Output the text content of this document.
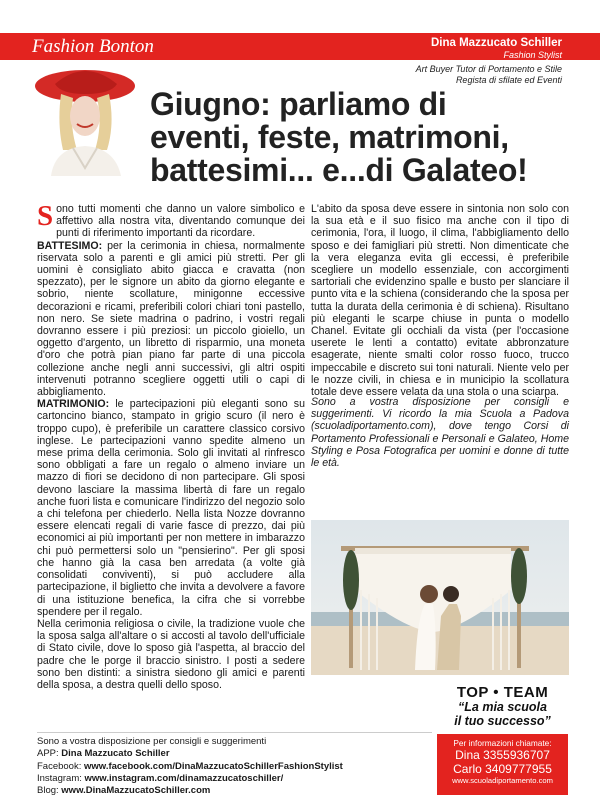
Fashion Bonton	Dina Mazzucato Schiller
Fashion Stylist
Art Buyer Tutor di Portamento e Stile
Regista di sfilate ed Eventi
Giugno: parliamo di
eventi, feste, matrimoni,
battesimi... e...di Galateo!

Sono tutti momenti che danno un valore simbolico e affettivo alla nostra vita, diventando comunque dei punti di riferimento importanti da ricordare.

BATTESIMO: per la cerimonia in chiesa, normalmente riservata solo a parenti e gli amici più stretti. Per gli uomini è consigliato abito giacca e cravatta (non spezzato), per le signore un abito da giorno elegante e sobrio, niente scollature, minigonne eccessive decorazioni e ricami, preferibili colori chiari toni pastello, non nero. Se siete madrina o padrino, i vostri regali dovranno essere i più preziosi: un piccolo gioiello, un oggetto d'argento, un libretto di risparmio, una moneta d'oro che potrà pian piano far parte di una piccola collezione anche negli anni successivi, gli altri ospiti intervenuti potranno scegliere oggetti utili o capi di abbigliamento.

MATRIMONIO: le partecipazioni più eleganti sono su cartoncino bianco, stampato in grigio scuro (il nero è troppo cupo), è preferibile un carattere classico corsivo inglese. Le partecipazioni vanno spedite almeno un mese prima della cerimonia. Solo gli invitati al rinfresco sono obbligati a fare un regalo o almeno inviare un mazzo di fiori se decidono di non partecipare. Gli sposi devono lasciare la massima libertà di fare un regalo anche fuori lista e comunicare l'indirizzo del negozio solo a chi telefona per chiederlo. Nella lista Nozze dovranno essere elencati regali di varie fasce di prezzo, dai più economici ai più importanti per non mettere in imbarazzo chi può permettersi solo un "pensierino". Per gli sposi che hanno già la casa ben arredata (a volte già consolidati conviventi), si può accludere alla partecipazione, il biglietto che invita a devolvere a favore di una istituzione benefica, la cifra che si vorrebbe spendere per il regalo.

Nella cerimonia religiosa o civile, la tradizione vuole che la sposa salga all'altare o si accosti al tavolo dell'ufficiale di Stato civile, dove lo sposo già l'aspetta, al braccio del padre che le porge il braccio sinistro. I posti a sedere sono ben distinti: a sinistra siedono gli amici e parenti della sposa, a destra quelli dello sposo.

L'abito da sposa deve essere in sintonia non solo con la sua età e il suo fisico ma anche con il tipo di cerimonia, l'ora, il luogo, il clima, l'abbigliamento dello sposo e dei famigliari più stretti. Non dimenticate che la vera eleganza evita gli eccessi, è preferibile scegliere un modello essenziale, con accorgimenti sartoriali che evidenzino spalle e busto per slanciare il punto vita e la schiena (considerando che la sposa per tutta la durata della cerimonia è di schiena). Risultano più eleganti le scarpe chiuse in punta o modello Chanel. Evitate gli occhiali da vista (per l'occasione userete le lenti a contatto) evitate abbronzature esagerate, niente smalti color rosso fuoco, trucco impeccabile e discreto sui toni naturali. Niente velo per le nozze civili, in chiesa e in municipio la scollatura totale deve essere velata da una stola o una sciarpa.

Sono a vostra disposizione per consigli e suggerimenti. Vi ricordo la mia Scuola a Padova (scuoladiportamento.com), dove tengo Corsi di Portamento Professionali e Personali e Galateo, Home Styling e Posa Fotografica per uomini e donne di tutte le età.
TOP • TEAM
“La mia scuola
il tuo successo”
Per informazioni chiamate:
Dina 3355936707
Carlo 3409777955
www.scuoladiportamento.com
Sono a vostra disposizione per consigli e suggerimenti
APP: Dina Mazzucato Schiller
Facebook: www.facebook.com/DinaMazzucatoSchillerFashionStylist
Instagram: www.instagram.com/dinamazzucatoschiller/
Blog: www.DinaMazzucatoSchiller.com
